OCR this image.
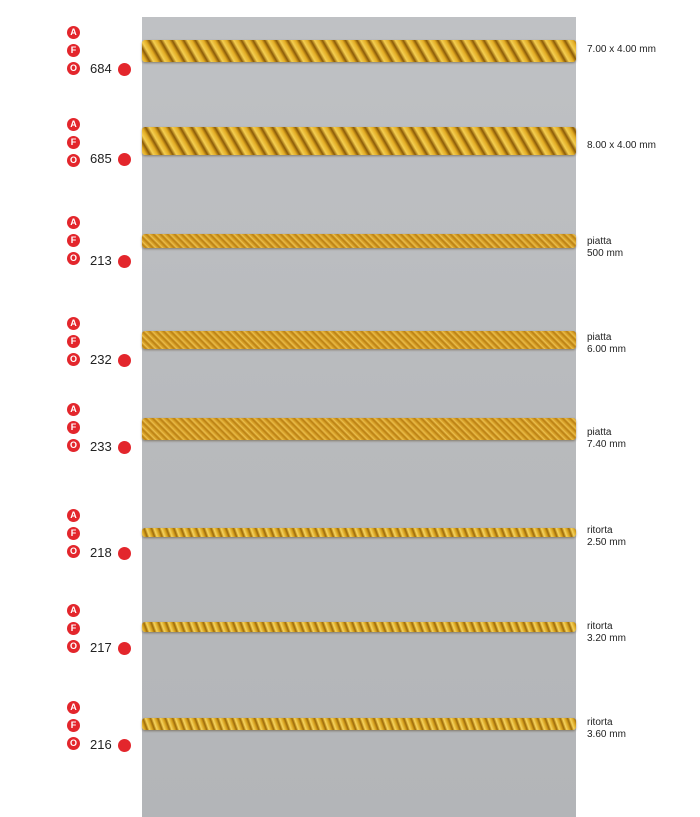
A
F
O 684
7.00 x 4.00 mm
A
F
O 685
8.00 x 4.00 mm
A
F
O 213
piatta
500 mm
A
F
O 232
piatta
6.00 mm
A
F
O 233
piatta
7.40 mm
A
F
O 218
ritorta
2.50 mm
A
F
O 217
ritorta
3.20 mm
A
F
O 216
ritorta
3.60 mm
